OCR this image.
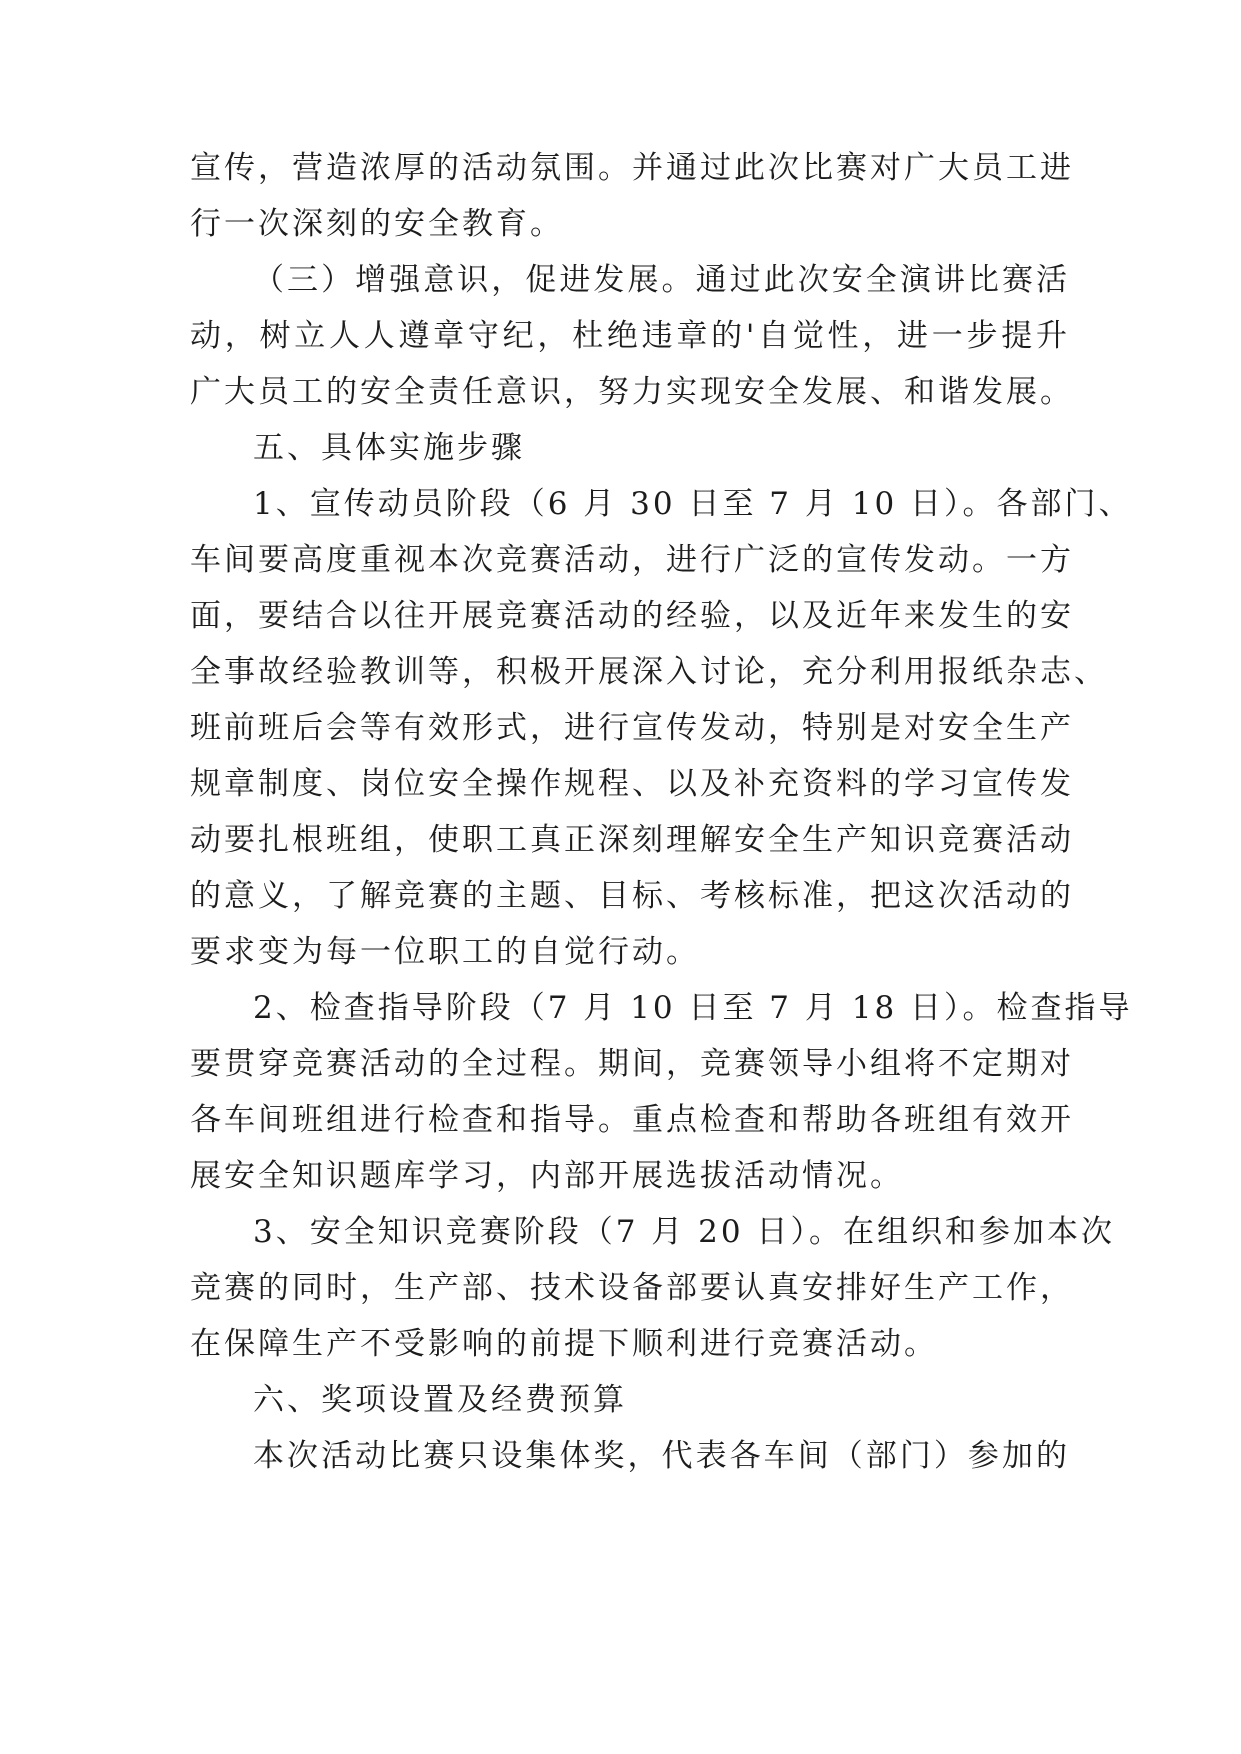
宣传，营造浓厚的活动氛围。并通过此次比赛对广大员工进
行一次深刻的安全教育。
（三）增强意识，促进发展。通过此次安全演讲比赛活
动，树立人人遵章守纪，杜绝违章的'自觉性，进一步提升
广大员工的安全责任意识，努力实现安全发展、和谐发展。
五、具体实施步骤
1、宣传动员阶段（6 月 30 日至 7 月 10 日）。各部门、
车间要高度重视本次竞赛活动，进行广泛的宣传发动。一方
面，要结合以往开展竞赛活动的经验，以及近年来发生的安
全事故经验教训等，积极开展深入讨论，充分利用报纸杂志、
班前班后会等有效形式，进行宣传发动，特别是对安全生产
规章制度、岗位安全操作规程、以及补充资料的学习宣传发
动要扎根班组，使职工真正深刻理解安全生产知识竞赛活动
的意义，了解竞赛的主题、目标、考核标准，把这次活动的
要求变为每一位职工的自觉行动。
2、检查指导阶段（7 月 10 日至 7 月 18 日）。检查指导
要贯穿竞赛活动的全过程。期间，竞赛领导小组将不定期对
各车间班组进行检查和指导。重点检查和帮助各班组有效开
展安全知识题库学习，内部开展选拔活动情况。
3、安全知识竞赛阶段（7 月 20 日）。在组织和参加本次
竞赛的同时，生产部、技术设备部要认真安排好生产工作，
在保障生产不受影响的前提下顺利进行竞赛活动。
六、奖项设置及经费预算
本次活动比赛只设集体奖，代表各车间（部门）参加的
